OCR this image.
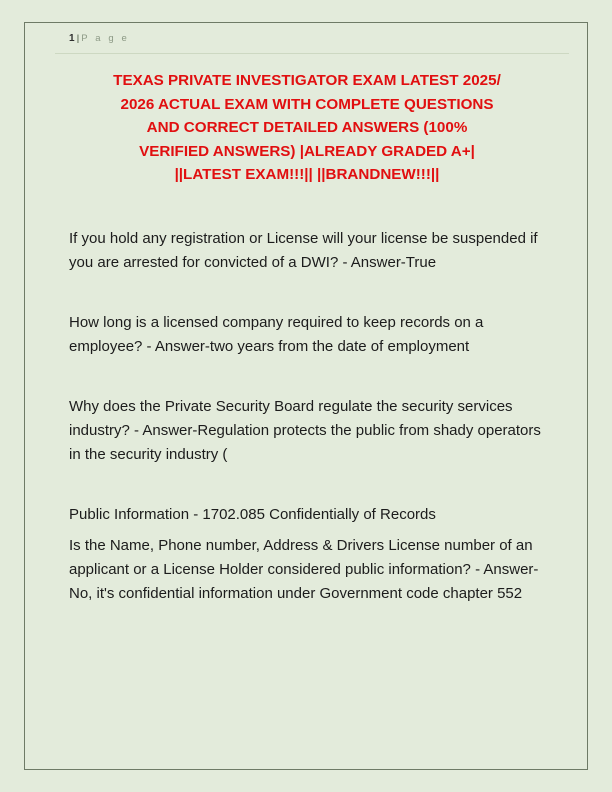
1 | P a g e
TEXAS PRIVATE INVESTIGATOR EXAM LATEST 2025/
2026 ACTUAL EXAM WITH COMPLETE QUESTIONS
AND CORRECT DETAILED ANSWERS (100%
VERIFIED ANSWERS) |ALREADY GRADED A+|
||LATEST EXAM!!!|| ||BRANDNEW!!!||

If you hold any registration or License will your license be suspended if you are arrested for convicted of a DWI? - Answer-True

How long is a licensed company required to keep records on a employee? - Answer-two years from the date of employment

Why does the Private Security Board regulate the security services industry? - Answer-Regulation protects the public from shady operators in the security industry (

Public Information - 1702.085 Confidentially of Records

Is the Name, Phone number, Address & Drivers License number of an applicant or a License Holder considered public information? - Answer-No, it's confidential information under Government code chapter 552
